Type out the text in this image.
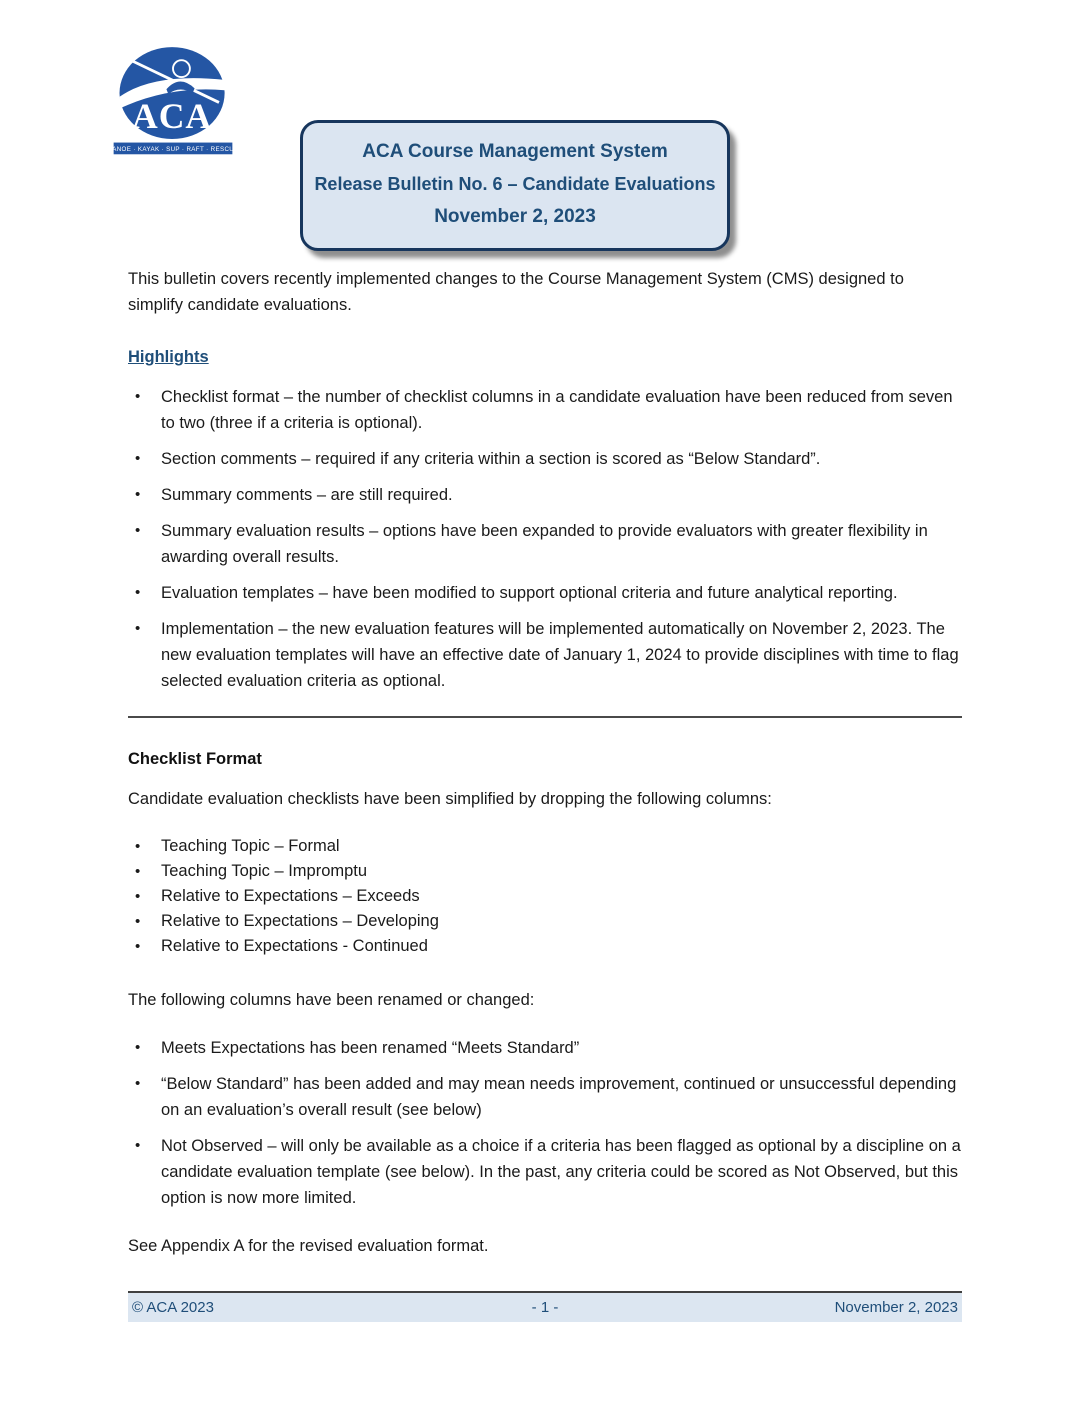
ACA
CANOE · KAYAK · SUP · RAFT · RESCUE	ACA Course Management System
Release Bulletin No. 6 – Candidate Evaluations
November 2, 2023

This bulletin covers recently implemented changes to the Course Management System (CMS) designed to simplify candidate evaluations.

Highlights
• Checklist format – the number of checklist columns in a candidate evaluation have been reduced from seven to two (three if a criteria is optional).
• Section comments – required if any criteria within a section is scored as “Below Standard”.
• Summary comments – are still required.
• Summary evaluation results – options have been expanded to provide evaluators with greater flexibility in awarding overall results.
• Evaluation templates – have been modified to support optional criteria and future analytical reporting.
• Implementation – the new evaluation features will be implemented automatically on November 2, 2023. The new evaluation templates will have an effective date of January 1, 2024 to provide disciplines with time to flag selected evaluation criteria as optional.
Checklist Format

Candidate evaluation checklists have been simplified by dropping the following columns:

• Teaching Topic – Formal
• Teaching Topic – Impromptu
• Relative to Expectations – Exceeds
• Relative to Expectations – Developing
• Relative to Expectations - Continued

The following columns have been renamed or changed:

• Meets Expectations has been renamed “Meets Standard”
• “Below Standard” has been added and may mean needs improvement, continued or unsuccessful depending on an evaluation’s overall result (see below)
• Not Observed – will only be available as a choice if a criteria has been flagged as optional by a discipline on a candidate evaluation template (see below). In the past, any criteria could be scored as Not Observed, but this option is now more limited.

See Appendix A for the revised evaluation format.

© ACA 2023	- 1 -	November 2, 2023
